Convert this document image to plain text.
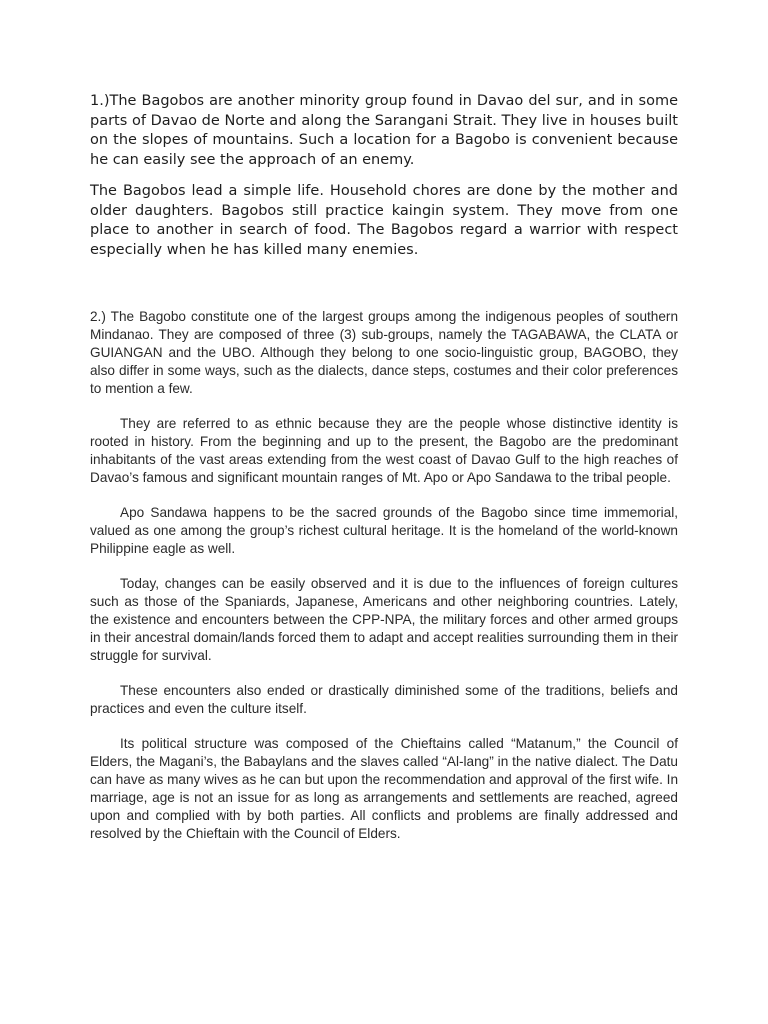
1.)The Bagobos are another minority group found in Davao del sur, and in some parts of Davao de Norte and along the Sarangani Strait. They live in houses built on the slopes of mountains. Such a location for a Bagobo is convenient because he can easily see the approach of an enemy.

The Bagobos lead a simple life. Household chores are done by the mother and older daughters. Bagobos still practice kaingin system. They move from one place to another in search of food. The Bagobos regard a warrior with respect especially when he has killed many enemies.

2.) The Bagobo constitute one of the largest groups among the indigenous peoples of southern Mindanao. They are composed of three (3) sub-groups, namely the TAGABAWA, the CLATA or GUIANGAN and the UBO. Although they belong to one socio-linguistic group, BAGOBO, they also differ in some ways, such as the dialects, dance steps, costumes and their color preferences to mention a few.

They are referred to as ethnic because they are the people whose distinctive identity is rooted in history. From the beginning and up to the present, the Bagobo are the predominant inhabitants of the vast areas extending from the west coast of Davao Gulf to the high reaches of Davao’s famous and significant mountain ranges of Mt. Apo or Apo Sandawa to the tribal people.

Apo Sandawa happens to be the sacred grounds of the Bagobo since time immemorial, valued as one among the group’s richest cultural heritage. It is the homeland of the world-known Philippine eagle as well.

Today, changes can be easily observed and it is due to the influences of foreign cultures such as those of the Spaniards, Japanese, Americans and other neighboring countries. Lately, the existence and encounters between the CPP-NPA, the military forces and other armed groups in their ancestral domain/lands forced them to adapt and accept realities surrounding them in their struggle for survival.

These encounters also ended or drastically diminished some of the traditions, beliefs and practices and even the culture itself.

Its political structure was composed of the Chieftains called “Matanum,” the Council of Elders, the Magani’s, the Babaylans and the slaves called “Al-lang” in the native dialect. The Datu can have as many wives as he can but upon the recommendation and approval of the first wife. In marriage, age is not an issue for as long as arrangements and settlements are reached, agreed upon and complied with by both parties. All conflicts and problems are finally addressed and resolved by the Chieftain with the Council of Elders.
